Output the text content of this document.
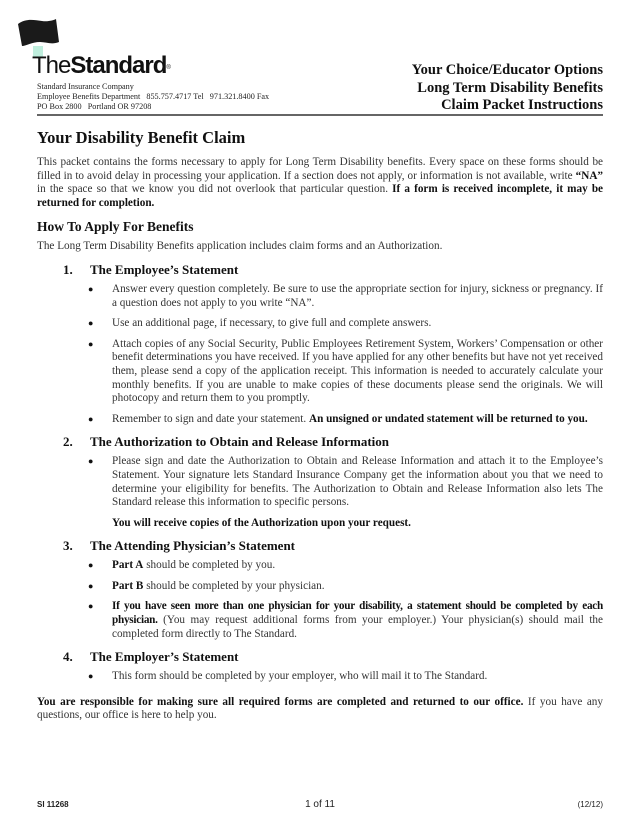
TheStandard®
Standard Insurance Company
Employee Benefits Department   855.757.4717 Tel   971.321.8400 Fax
PO Box 2800   Portland OR 97208
Your Choice/Educator Options
Long Term Disability Benefits
Claim Packet Instructions
Your Disability Benefit Claim

This packet contains the forms necessary to apply for Long Term Disability benefits. Every space on these forms should be filled in to avoid delay in processing your application. If a section does not apply, or information is not available, write “NA” in the space so that we know you did not overlook that particular question. If a form is received incomplete, it may be returned for completion.

How To Apply For Benefits

The Long Term Disability Benefits application includes claim forms and an Authorization.

1.	The Employee’s Statement
●	Answer every question completely. Be sure to use the appropriate section for injury, sickness or pregnancy. If a question does not apply to you write “NA”.
●	Use an additional page, if necessary, to give full and complete answers.
●	Attach copies of any Social Security, Public Employees Retirement System, Workers’ Compensation or other benefit determinations you have received. If you have applied for any other benefits but have not yet received them, please send a copy of the application receipt. This information is needed to accurately calculate your monthly benefits. If you are unable to make copies of these documents please send the originals. We will photocopy and return them to you promptly.
●	Remember to sign and date your statement. An unsigned or undated statement will be returned to you.
2.	The Authorization to Obtain and Release Information
●	Please sign and date the Authorization to Obtain and Release Information and attach it to the Employee’s Statement. Your signature lets Standard Insurance Company get the information about you that we need to determine your eligibility for benefits. The Authorization to Obtain and Release Information also lets The Standard release this information to specific persons.
You will receive copies of the Authorization upon your request.
3.	The Attending Physician’s Statement
●	Part A should be completed by you.
●	Part B should be completed by your physician.
●	If you have seen more than one physician for your disability, a statement should be completed by each physician. (You may request additional forms from your employer.) Your physician(s) should mail the completed form directly to The Standard.
4.	The Employer’s Statement
●	This form should be completed by your employer, who will mail it to The Standard.

You are responsible for making sure all required forms are completed and returned to our office. If you have any questions, our office is here to help you.

SI 11268	1 of 11	(12/12)
